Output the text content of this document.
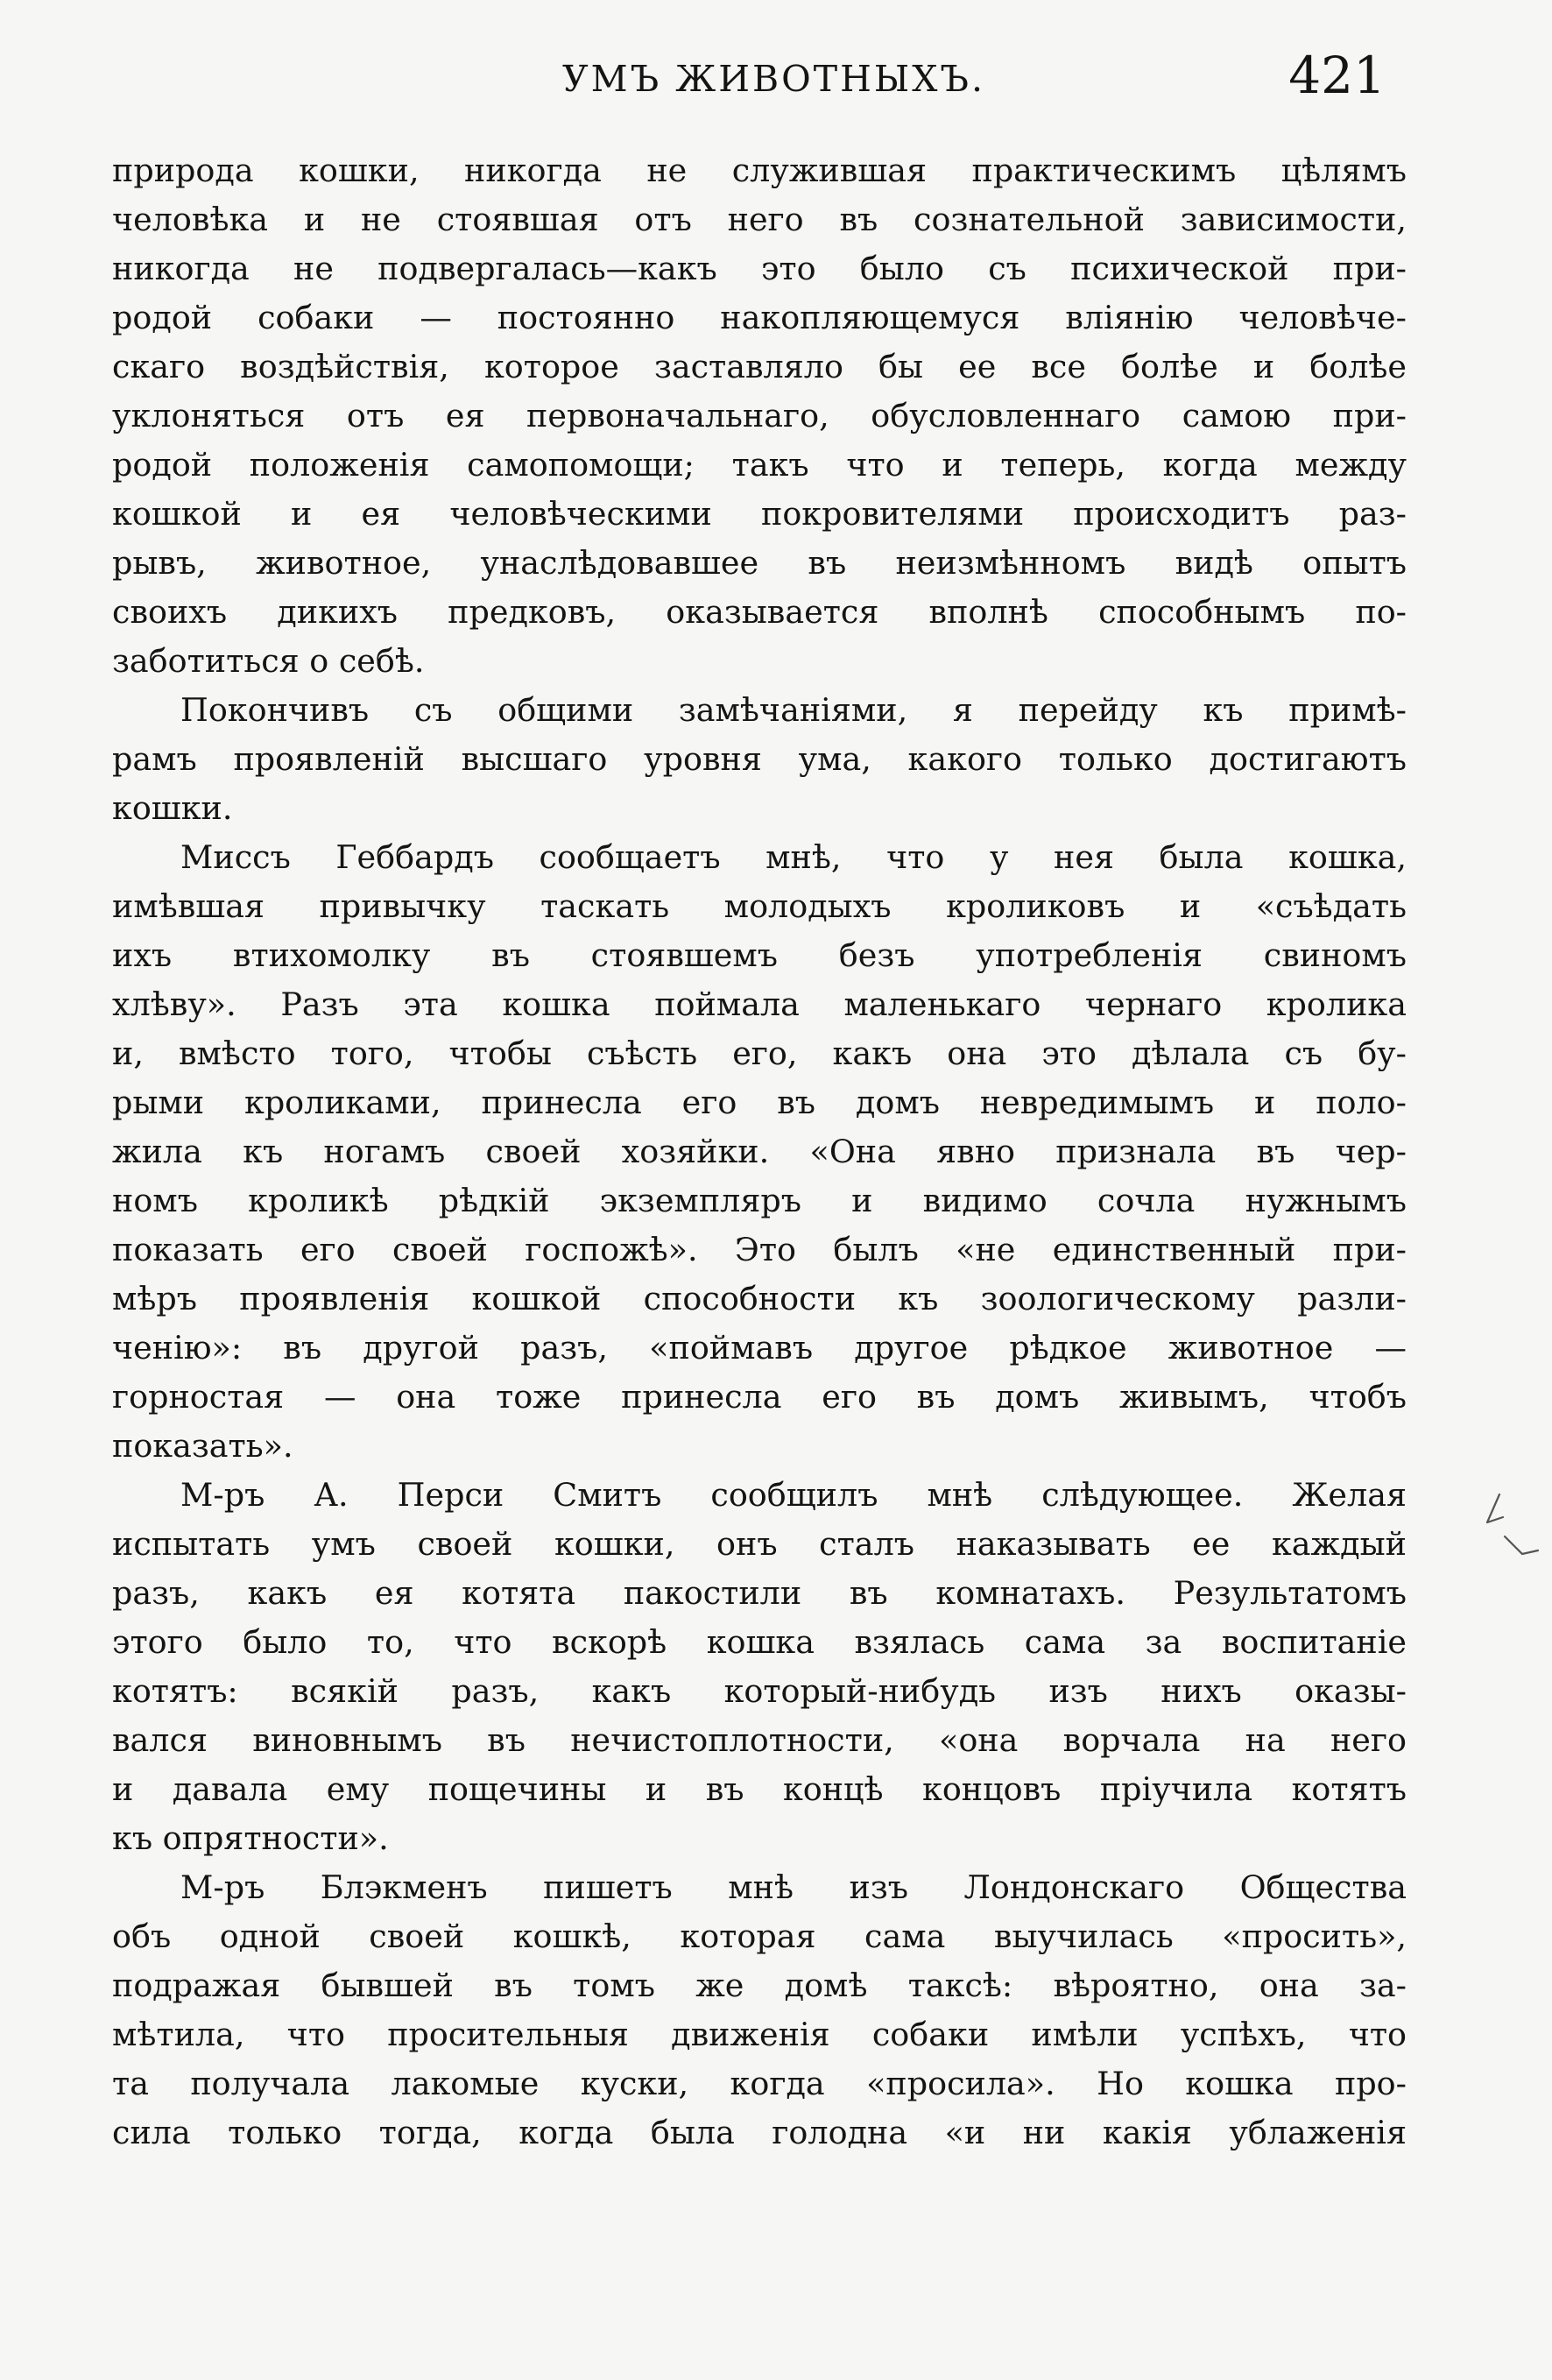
УМЪ ЖИВОТНЫХЪ.	421
природа кошки, никогда не служившая практическимъ цѣлямъ
человѣка и не стоявшая отъ него въ сознательной зависимости,
никогда не подвергалась—какъ это было съ психической при-
родой собаки — постоянно накопляющемуся вліянію человѣче-
скаго воздѣйствія, которое заставляло бы ее все болѣе и болѣе
уклоняться отъ ея первоначальнаго, обусловленнаго самою при-
родой положенія самопомощи; такъ что и теперь, когда между
кошкой и ея человѣческими покровителями происходитъ раз-
рывъ, животное, унаслѣдовавшее въ неизмѣнномъ видѣ опытъ
своихъ дикихъ предковъ, оказывается вполнѣ способнымъ по-
заботиться о себѣ.
Покончивъ съ общими замѣчаніями, я перейду къ примѣ-
рамъ проявленій высшаго уровня ума, какого только достигаютъ
кошки.
Миссъ Геббардъ сообщаетъ мнѣ, что у нея была кошка,
имѣвшая привычку таскать молодыхъ кроликовъ и «съѣдать
ихъ втихомолку въ стоявшемъ безъ употребленія свиномъ
хлѣву». Разъ эта кошка поймала маленькаго чернаго кролика
и, вмѣсто того, чтобы съѣсть его, какъ она это дѣлала съ бу-
рыми кроликами, принесла его въ домъ невредимымъ и поло-
жила къ ногамъ своей хозяйки. «Она явно признала въ чер-
номъ кроликѣ рѣдкій экземпляръ и видимо сочла нужнымъ
показать его своей госпожѣ». Это былъ «не единственный при-
мѣръ проявленія кошкой способности къ зоологическому разли-
ченію»: въ другой разъ, «поймавъ другое рѣдкое животное —
горностая — она тоже принесла его въ домъ живымъ, чтобъ
показать».
М-ръ А. Перси Смитъ сообщилъ мнѣ слѣдующее. Желая
испытать умъ своей кошки, онъ сталъ наказывать ее каждый
разъ, какъ ея котята пакостили въ комнатахъ. Результатомъ
этого было то, что вскорѣ кошка взялась сама за воспитаніе
котятъ: всякій разъ, какъ который-нибудь изъ нихъ оказы-
вался виновнымъ въ нечистоплотности, «она ворчала на него
и давала ему пощечины и въ концѣ концовъ пріучила котятъ
къ опрятности».
М-ръ Блэкменъ пишетъ мнѣ изъ Лондонскаго Общества
объ одной своей кошкѣ, которая сама выучилась «просить»,
подражая бывшей въ томъ же домѣ таксѣ: вѣроятно, она за-
мѣтила, что просительныя движенія собаки имѣли успѣхъ, что
та получала лакомые куски, когда «просила». Но кошка про-
сила только тогда, когда была голодна «и ни какія ублаженія
